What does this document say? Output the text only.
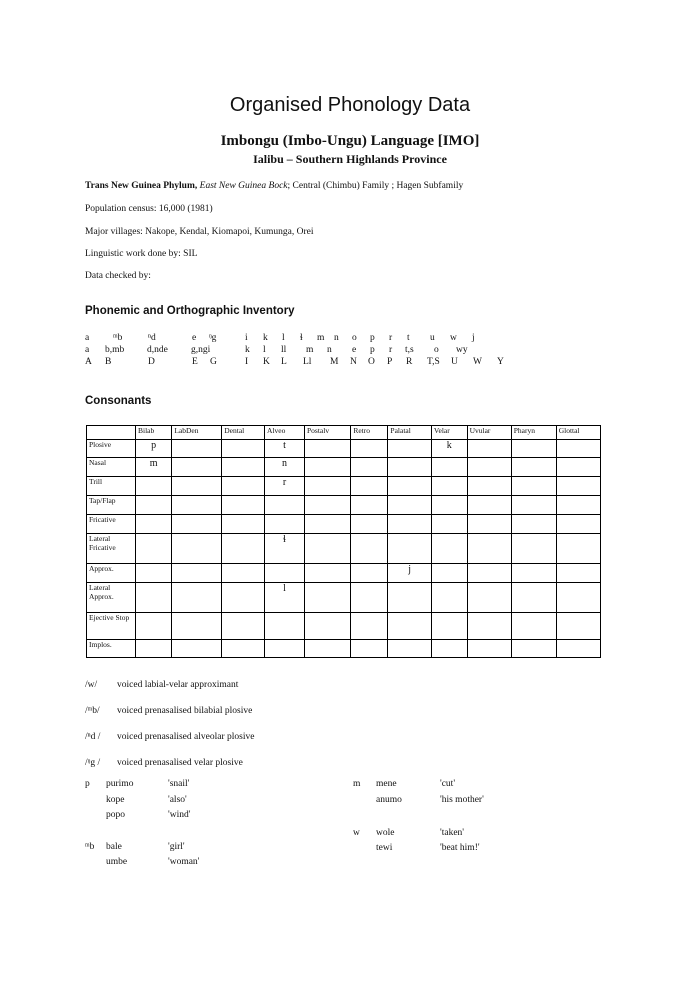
Organised Phonology Data
Imbongu (Imbo-Ungu) Language [IMO]
Ialibu – Southern Highlands Province
Trans New Guinea Phylum, East New Guinea Bock; Central (Chimbu) Family ; Hagen Subfamily
Population census: 16,000 (1981)
Major villages: Nakope, Kendal, Kiomapoi, Kumunga, Orei
Linguistic work done by: SIL
Data checked by:
Phonemic and Orthographic Inventory
a	ᵐb	ⁿd	e ᵑg	i k l ɬ m n o p r t u w j
a b,mb d,nde g,ngi	k l ll m n e p r t,s o wy
A B	D	E G	I K L Ll M N O P R T,S U W Y
Consonants
	Bilab	LabDen	Dental	Alveo	Postalv	Retro	Palatal	Velar	Uvular	Pharyn	Glottal
Plosive	p			t				k			
Nasal	m			n							
Trill				r							
Tap/Flap											
Fricative											
Lateral Fricative				ɬ							
Approx.							j				
Lateral Approx.				l							
Ejective Stop											
Implos.											
/w/ voiced labial-velar approximant
/ᵐb/ voiced prenasalised bilabial plosive
/ⁿd / voiced prenasalised alveolar plosive
/ᵑg / voiced prenasalised velar plosive
p purimo	'snail'
kope	'also'
popo	'wind'
ᵐb bale	'girl'
umbe	'woman'
m mene	'cut'
anumo	'his mother'
w wole	'taken'
tewi	'beat him!'
